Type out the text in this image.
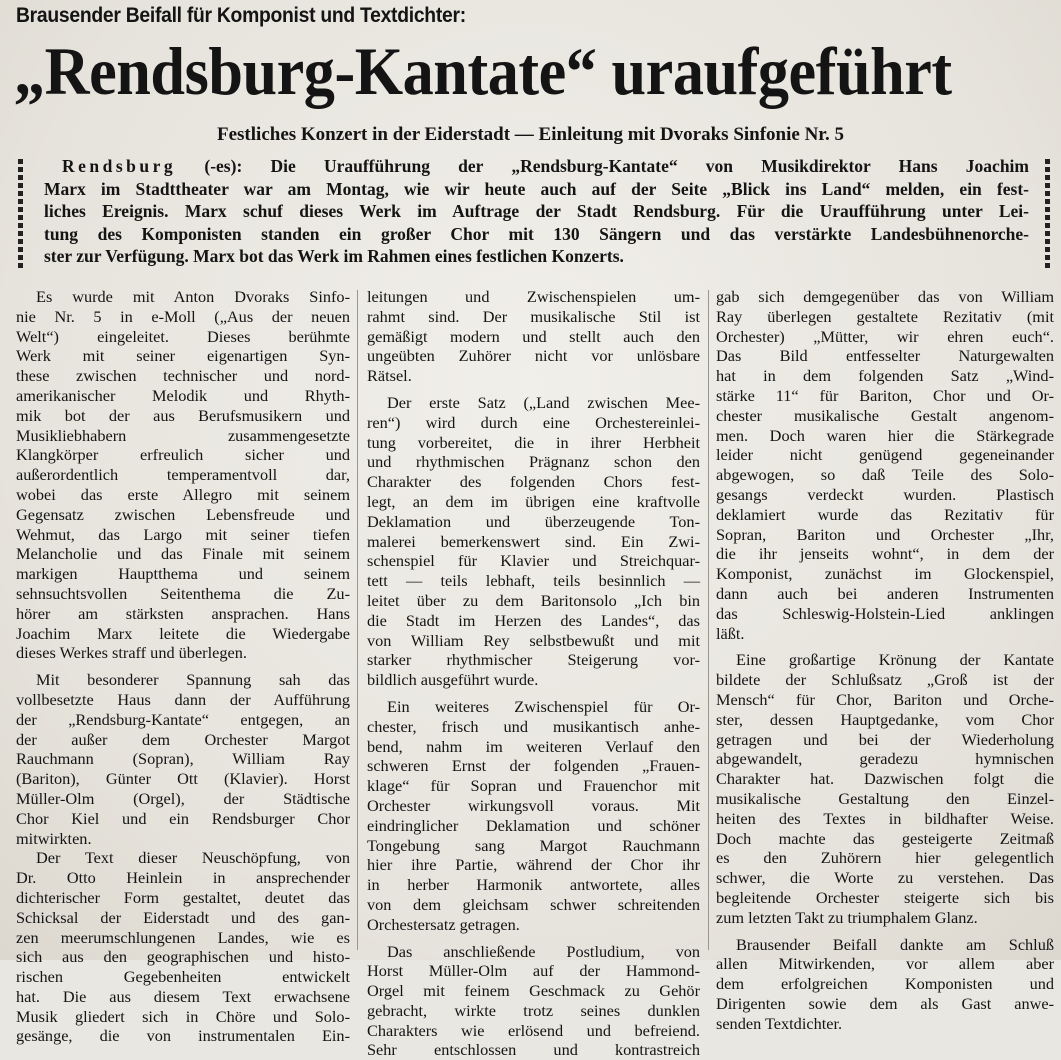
Brausender Beifall für Komponist und Textdichter:
„Rendsburg-Kantate“ uraufgeführt
Festliches Konzert in der Eiderstadt — Einleitung mit Dvoraks Sinfonie Nr. 5
Rendsburg (-es): Die Uraufführung der „Rendsburg-Kantate“ von Musikdirektor Hans Joachim
Marx im Stadttheater war am Montag, wie wir heute auch auf der Seite „Blick ins Land“ melden, ein fest-
liches Ereignis. Marx schuf dieses Werk im Auftrage der Stadt Rendsburg. Für die Uraufführung unter Lei-
tung des Komponisten standen ein großer Chor mit 130 Sängern und das verstärkte Landesbühnenorche-
ster zur Verfügung. Marx bot das Werk im Rahmen eines festlichen Konzerts.
Es wurde mit Anton Dvoraks Sinfo-
nie Nr. 5 in e-Moll („Aus der neuen
Welt“) eingeleitet. Dieses berühmte
Werk mit seiner eigenartigen Syn-
these zwischen technischer und nord-
amerikanischer Melodik und Rhyth-
mik bot der aus Berufsmusikern und
Musikliebhabern zusammengesetzte
Klangkörper erfreulich sicher und
außerordentlich temperamentvoll dar,
wobei das erste Allegro mit seinem
Gegensatz zwischen Lebensfreude und
Wehmut, das Largo mit seiner tiefen
Melancholie und das Finale mit seinem
markigen Hauptthema und seinem
sehnsuchtsvollen Seitenthema die Zu-
hörer am stärksten ansprachen. Hans
Joachim Marx leitete die Wiedergabe
dieses Werkes straff und überlegen.
Mit besonderer Spannung sah das
vollbesetzte Haus dann der Aufführung
der „Rendsburg-Kantate“ entgegen, an
der außer dem Orchester Margot
Rauchmann (Sopran), William Ray
(Bariton), Günter Ott (Klavier). Horst
Müller-Olm (Orgel), der Städtische
Chor Kiel und ein Rendsburger Chor
mitwirkten.
Der Text dieser Neuschöpfung, von
Dr. Otto Heinlein in ansprechender
dichterischer Form gestaltet, deutet das
Schicksal der Eiderstadt und des gan-
zen meerumschlungenen Landes, wie es
sich aus den geographischen und histo-
rischen Gegebenheiten entwickelt
hat. Die aus diesem Text erwachsene
Musik gliedert sich in Chöre und Solo-
gesänge, die von instrumentalen Ein-
leitungen und Zwischenspielen um-
rahmt sind. Der musikalische Stil ist
gemäßigt modern und stellt auch den
ungeübten Zuhörer nicht vor unlösbare
Rätsel.
Der erste Satz („Land zwischen Mee-
ren“) wird durch eine Orchestereinlei-
tung vorbereitet, die in ihrer Herbheit
und rhythmischen Prägnanz schon den
Charakter des folgenden Chors fest-
legt, an dem im übrigen eine kraftvolle
Deklamation und überzeugende Ton-
malerei bemerkenswert sind. Ein Zwi-
schenspiel für Klavier und Streichquar-
tett — teils lebhaft, teils besinnlich —
leitet über zu dem Baritonsolo „Ich bin
die Stadt im Herzen des Landes“, das
von William Rey selbstbewußt und mit
starker rhythmischer Steigerung vor-
bildlich ausgeführt wurde.
Ein weiteres Zwischenspiel für Or-
chester, frisch und musikantisch anhe-
bend, nahm im weiteren Verlauf den
schweren Ernst der folgenden „Frauen-
klage“ für Sopran und Frauenchor mit
Orchester wirkungsvoll voraus. Mit
eindringlicher Deklamation und schöner
Tongebung sang Margot Rauchmann
hier ihre Partie, während der Chor ihr
in herber Harmonik antwortete, alles
von dem gleichsam schwer schreitenden
Orchestersatz getragen.
Das anschließende Postludium, von
Horst Müller-Olm auf der Hammond-
Orgel mit feinem Geschmack zu Gehör
gebracht, wirkte trotz seines dunklen
Charakters wie erlösend und befreiend.
Sehr entschlossen und kontrastreich
gab sich demgegenüber das von William
Ray überlegen gestaltete Rezitativ (mit
Orchester) „Mütter, wir ehren euch“.
Das Bild entfesselter Naturgewalten
hat in dem folgenden Satz „Wind-
stärke 11“ für Bariton, Chor und Or-
chester musikalische Gestalt angenom-
men. Doch waren hier die Stärkegrade
leider nicht genügend gegeneinander
abgewogen, so daß Teile des Solo-
gesangs verdeckt wurden. Plastisch
deklamiert wurde das Rezitativ für
Sopran, Bariton und Orchester „Ihr,
die ihr jenseits wohnt“, in dem der
Komponist, zunächst im Glockenspiel,
dann auch bei anderen Instrumenten
das Schleswig-Holstein-Lied anklingen
läßt.
Eine großartige Krönung der Kantate
bildete der Schlußsatz „Groß ist der
Mensch“ für Chor, Bariton und Orche-
ster, dessen Hauptgedanke, vom Chor
getragen und bei der Wiederholung
abgewandelt, geradezu hymnischen
Charakter hat. Dazwischen folgt die
musikalische Gestaltung den Einzel-
heiten des Textes in bildhafter Weise.
Doch machte das gesteigerte Zeitmaß
es den Zuhörern hier gelegentlich
schwer, die Worte zu verstehen. Das
begleitende Orchester steigerte sich bis
zum letzten Takt zu triumphalem Glanz.
Brausender Beifall dankte am Schluß
allen Mitwirkenden, vor allem aber
dem erfolgreichen Komponisten und
Dirigenten sowie dem als Gast anwe-
senden Textdichter.
